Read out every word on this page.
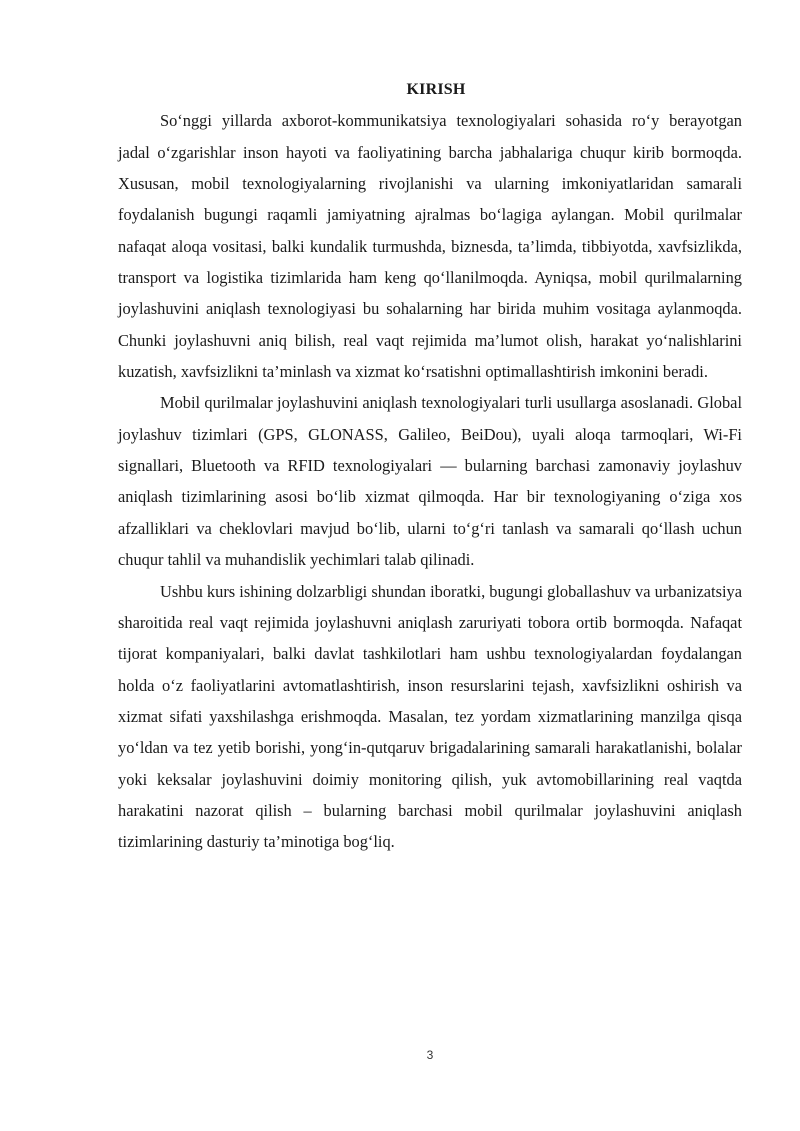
KIRISH

So‘nggi yillarda axborot-kommunikatsiya texnologiyalari sohasida ro‘y berayotgan jadal o‘zgarishlar inson hayoti va faoliyatining barcha jabhalariga chuqur kirib bormoqda. Xususan, mobil texnologiyalarning rivojlanishi va ularning imkoniyatlaridan samarali foydalanish bugungi raqamli jamiyatning ajralmas bo‘lagiga aylangan. Mobil qurilmalar nafaqat aloqa vositasi, balki kundalik turmushda, biznesda, ta’limda, tibbiyotda, xavfsizlikda, transport va logistika tizimlarida ham keng qo‘llanilmoqda. Ayniqsa, mobil qurilmalarning joylashuvini aniqlash texnologiyasi bu sohalarning har birida muhim vositaga aylanmoqda. Chunki joylashuvni aniq bilish, real vaqt rejimida ma’lumot olish, harakat yo‘nalishlarini kuzatish, xavfsizlikni ta’minlash va xizmat ko‘rsatishni optimallashtirish imkonini beradi.

Mobil qurilmalar joylashuvini aniqlash texnologiyalari turli usullarga asoslanadi. Global joylashuv tizimlari (GPS, GLONASS, Galileo, BeiDou), uyali aloqa tarmoqlari, Wi-Fi signallari, Bluetooth va RFID texnologiyalari — bularning barchasi zamonaviy joylashuv aniqlash tizimlarining asosi bo‘lib xizmat qilmoqda. Har bir texnologiyaning o‘ziga xos afzalliklari va cheklovlari mavjud bo‘lib, ularni to‘g‘ri tanlash va samarali qo‘llash uchun chuqur tahlil va muhandislik yechimlari talab qilinadi.

Ushbu kurs ishining dolzarbligi shundan iboratki, bugungi globallashuv va urbanizatsiya sharoitida real vaqt rejimida joylashuvni aniqlash zaruriyati tobora ortib bormoqda. Nafaqat tijorat kompaniyalari, balki davlat tashkilotlari ham ushbu texnologiyalardan foydalangan holda o‘z faoliyatlarini avtomatlashtirish, inson resurslarini tejash, xavfsizlikni oshirish va xizmat sifati yaxshilashga erishmoqda. Masalan, tez yordam xizmatlarining manzilga qisqa yo‘ldan va tez yetib borishi, yong‘in-qutqaruv brigadalarining samarali harakatlanishi, bolalar yoki keksalar joylashuvini doimiy monitoring qilish, yuk avtomobillarining real vaqtda harakatini nazorat qilish – bularning barchasi mobil qurilmalar joylashuvini aniqlash tizimlarining dasturiy ta’minotiga bog‘liq.

3
